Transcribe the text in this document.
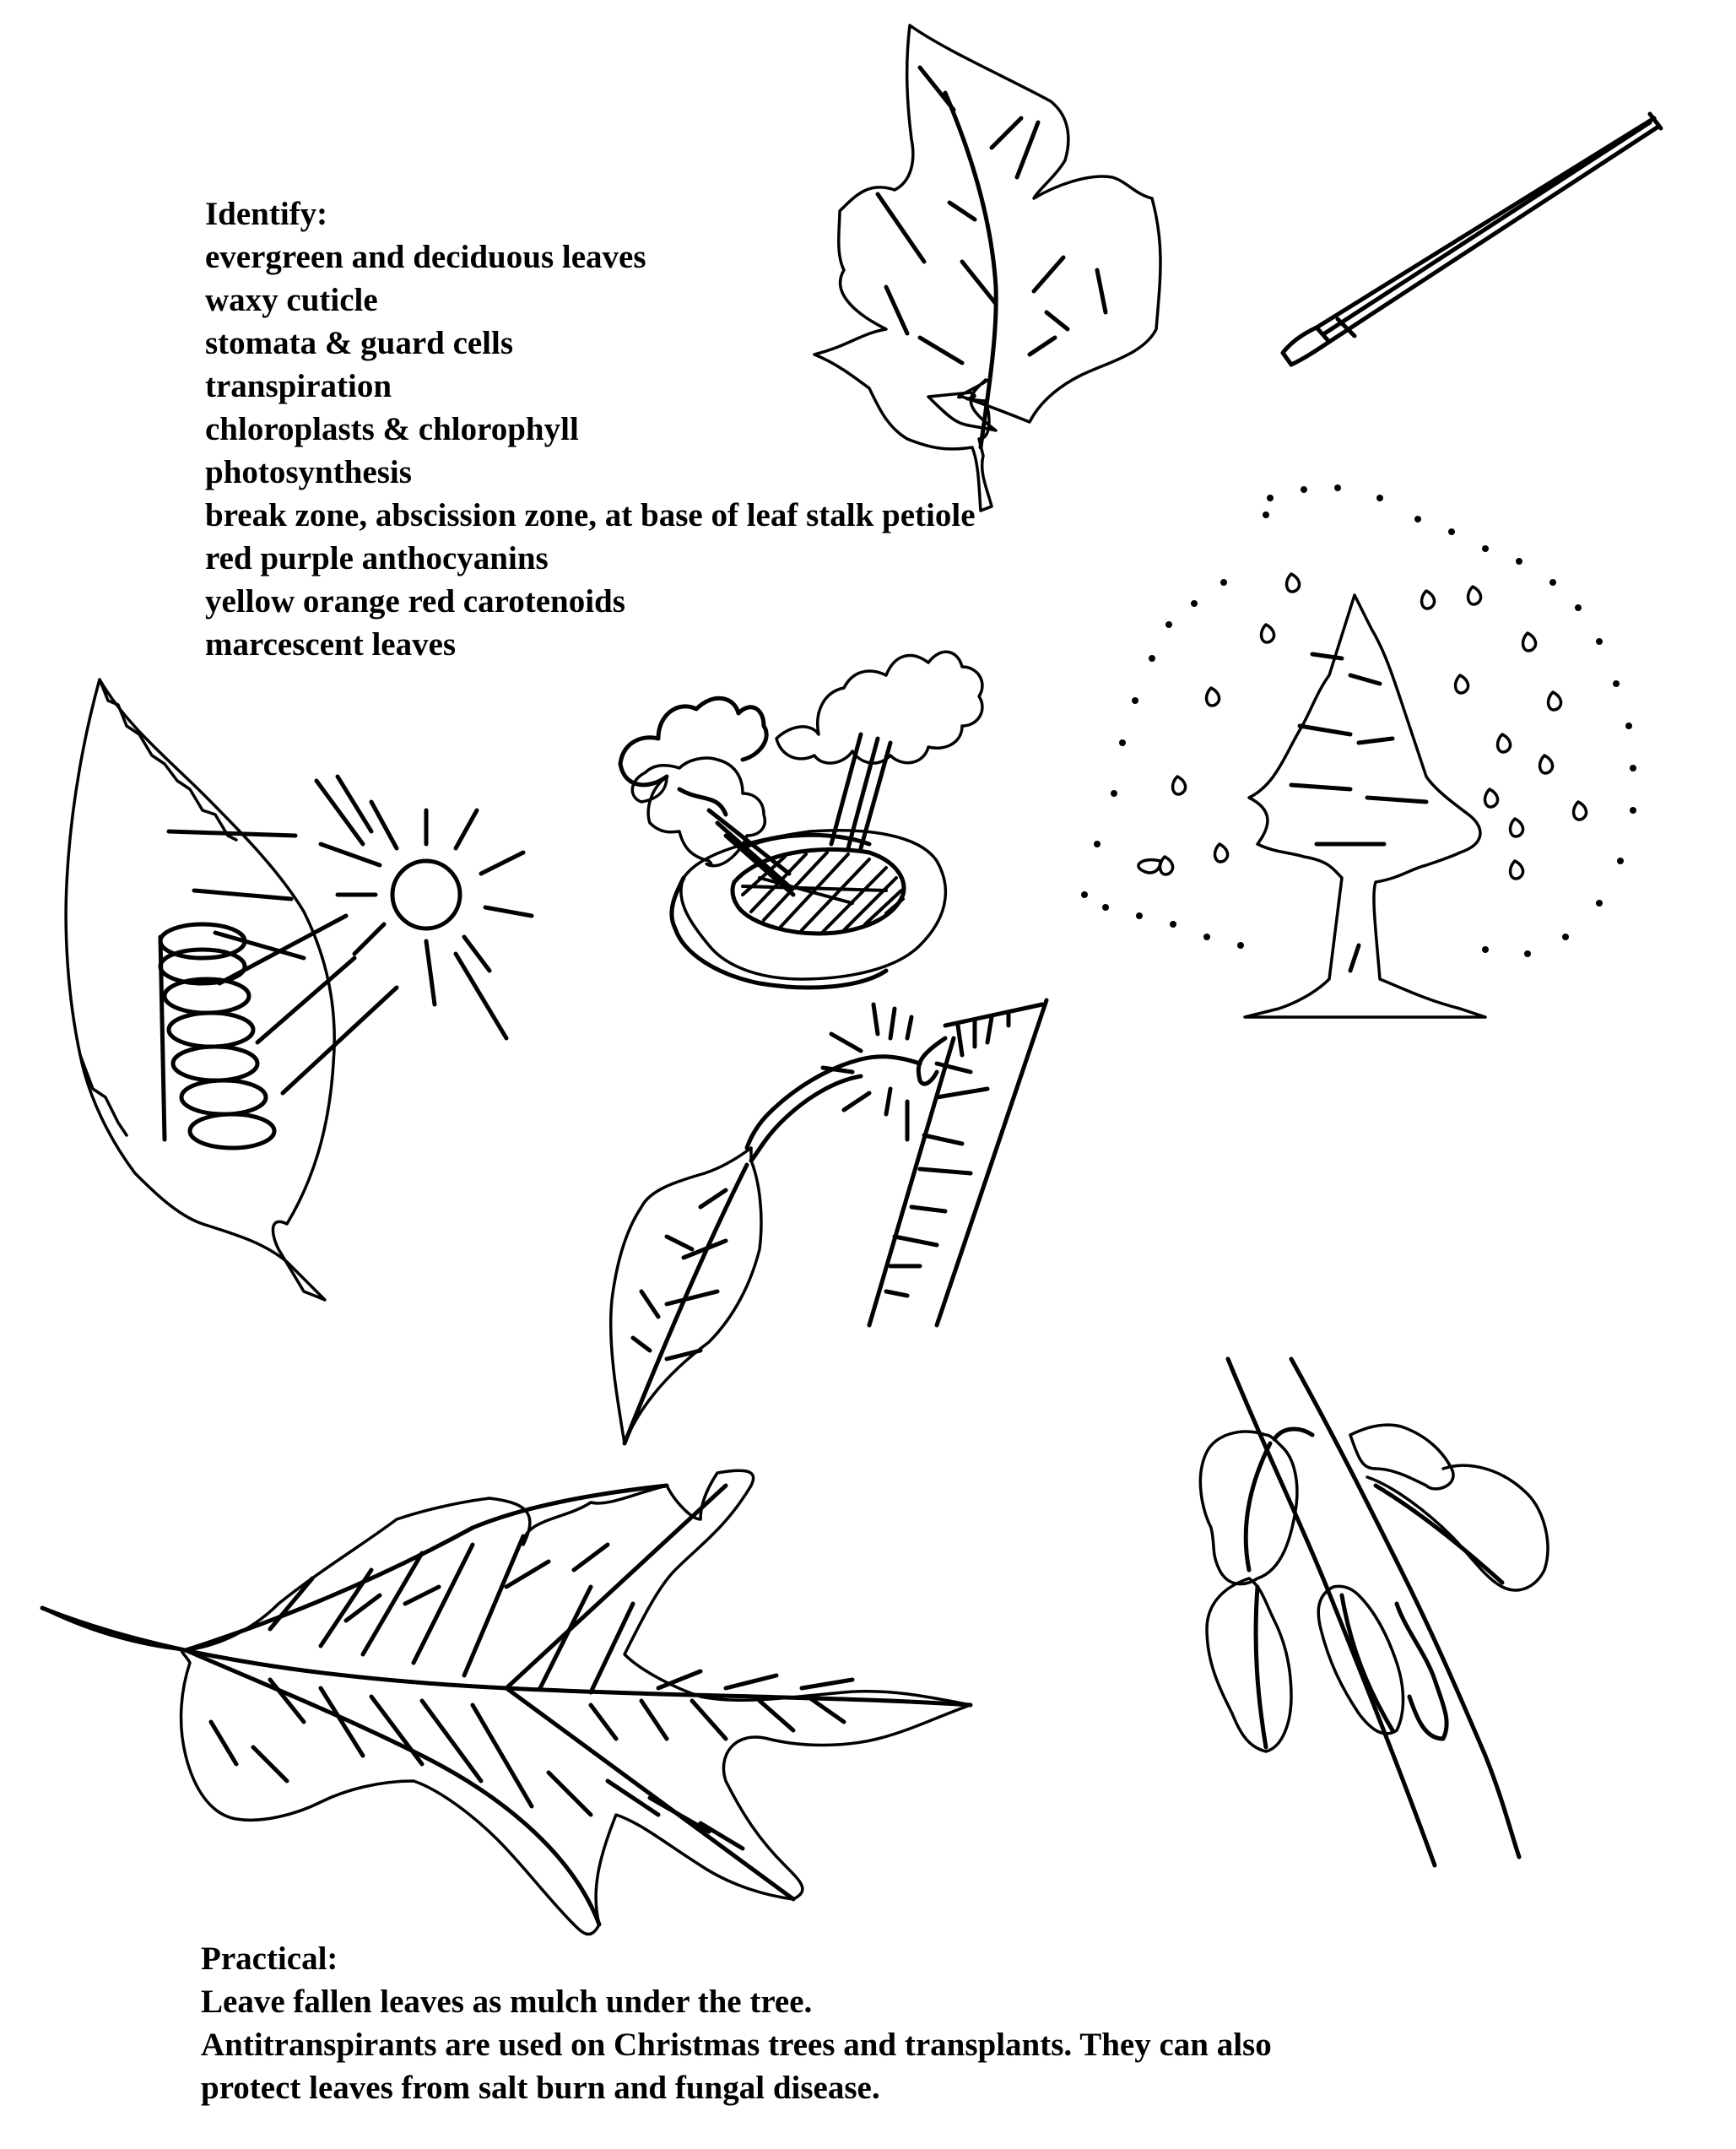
Identify:
evergreen and deciduous leaves
waxy cuticle
stomata & guard cells
transpiration
chloroplasts & chlorophyll
photosynthesis
break zone, abscission zone, at base of leaf stalk petiole
red purple anthocyanins
yellow orange red carotenoids
marcescent leaves
Practical:
Leave fallen leaves as mulch under the tree.
Antitranspirants are used on Christmas trees and transplants. They can also
protect leaves from salt burn and fungal disease.
